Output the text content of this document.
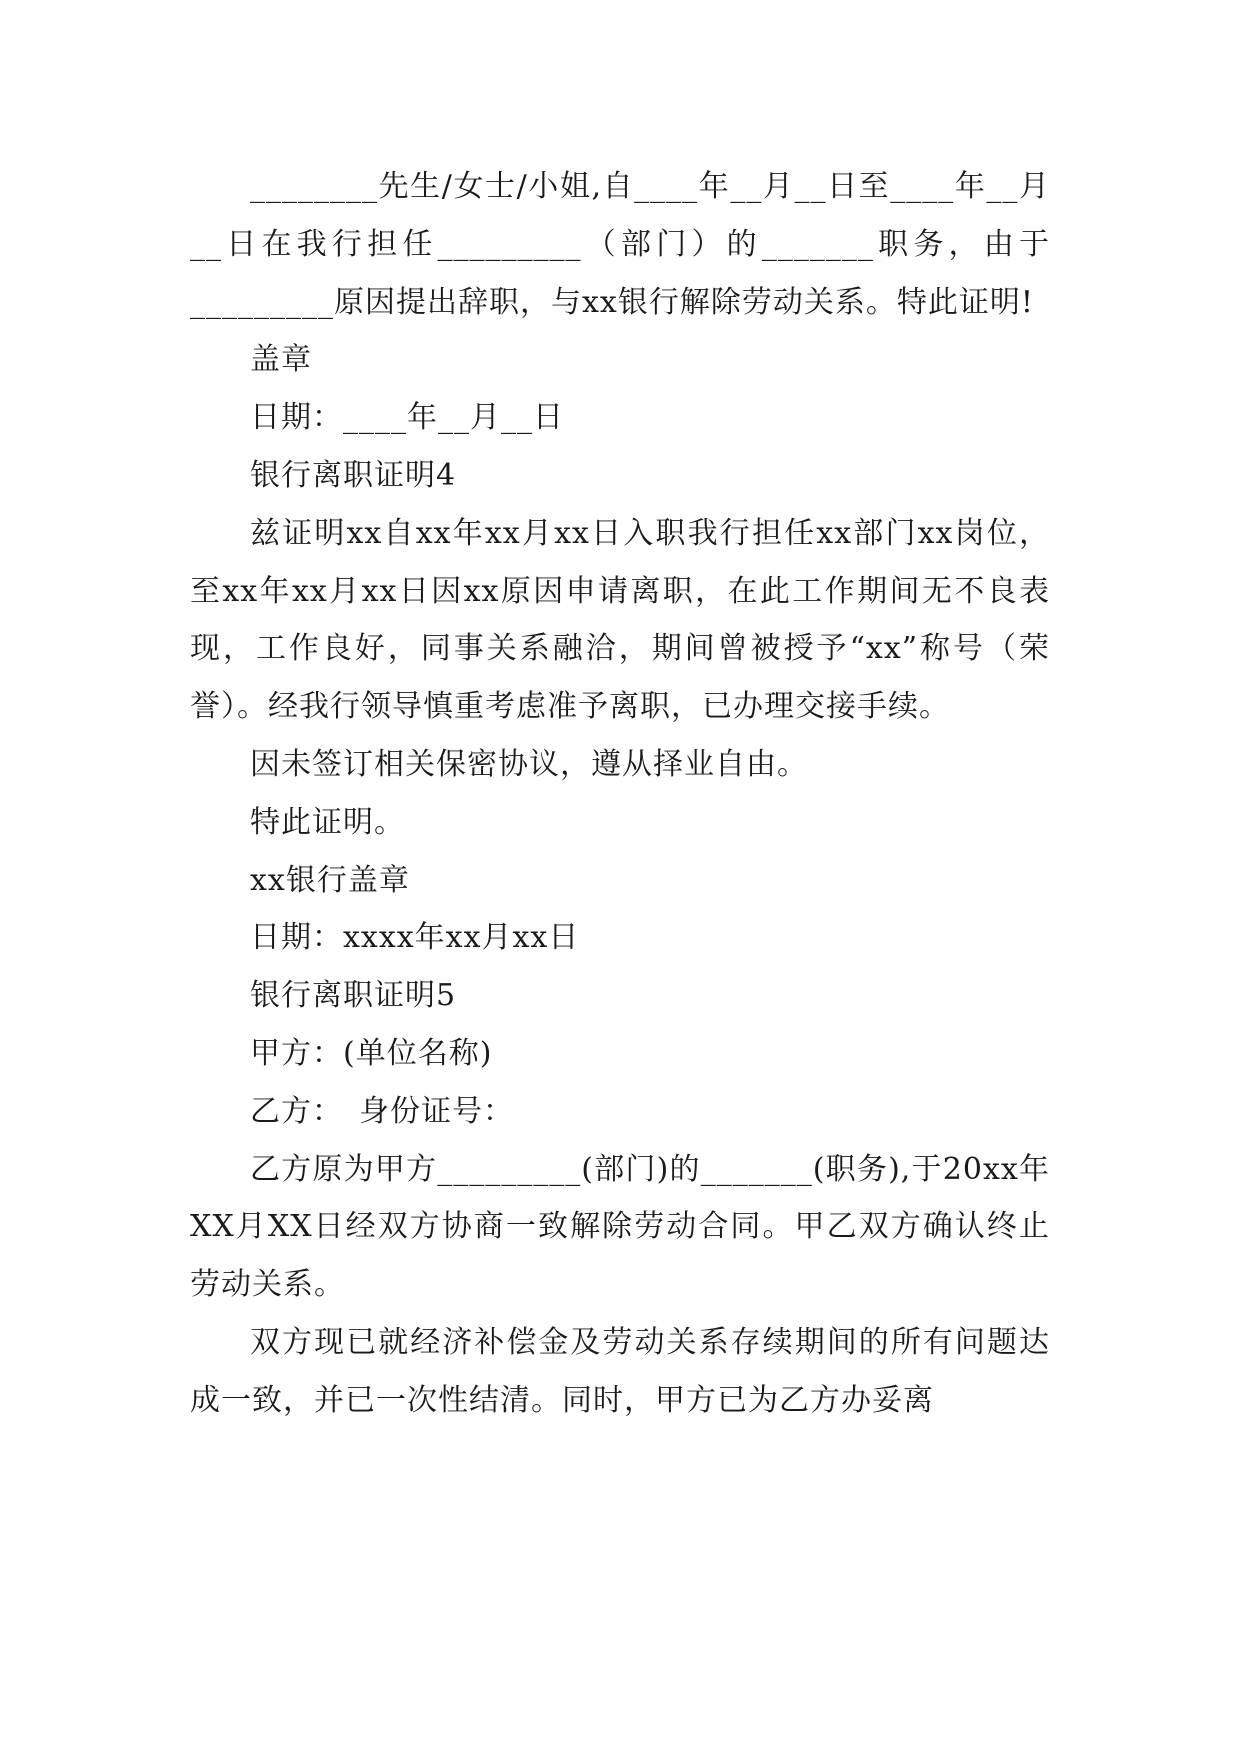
________先生/女士/小姐,自____年__月__日至____年__月__日在我行担任_________（部门）的_______职务，由于_________原因提出辞职，与xx银行解除劳动关系。特此证明!

盖章

日期：____年__月__日

银行离职证明4

兹证明xx自xx年xx月xx日入职我行担任xx部门xx岗位，至xx年xx月xx日因xx原因申请离职，在此工作期间无不良表现，工作良好，同事关系融洽，期间曾被授予“xx”称号（荣誉）。经我行领导慎重考虑准予离职，已办理交接手续。

因未签订相关保密协议，遵从择业自由。

特此证明。

xx银行盖章

日期：xxxx年xx月xx日

银行离职证明5

甲方：(单位名称)

乙方：　身份证号：

乙方原为甲方_________(部门)的_______(职务),于20xx年XX月XX日经双方协商一致解除劳动合同。甲乙双方确认终止劳动关系。

双方现已就经济补偿金及劳动关系存续期间的所有问题达成一致，并已一次性结清。同时，甲方已为乙方办妥离
